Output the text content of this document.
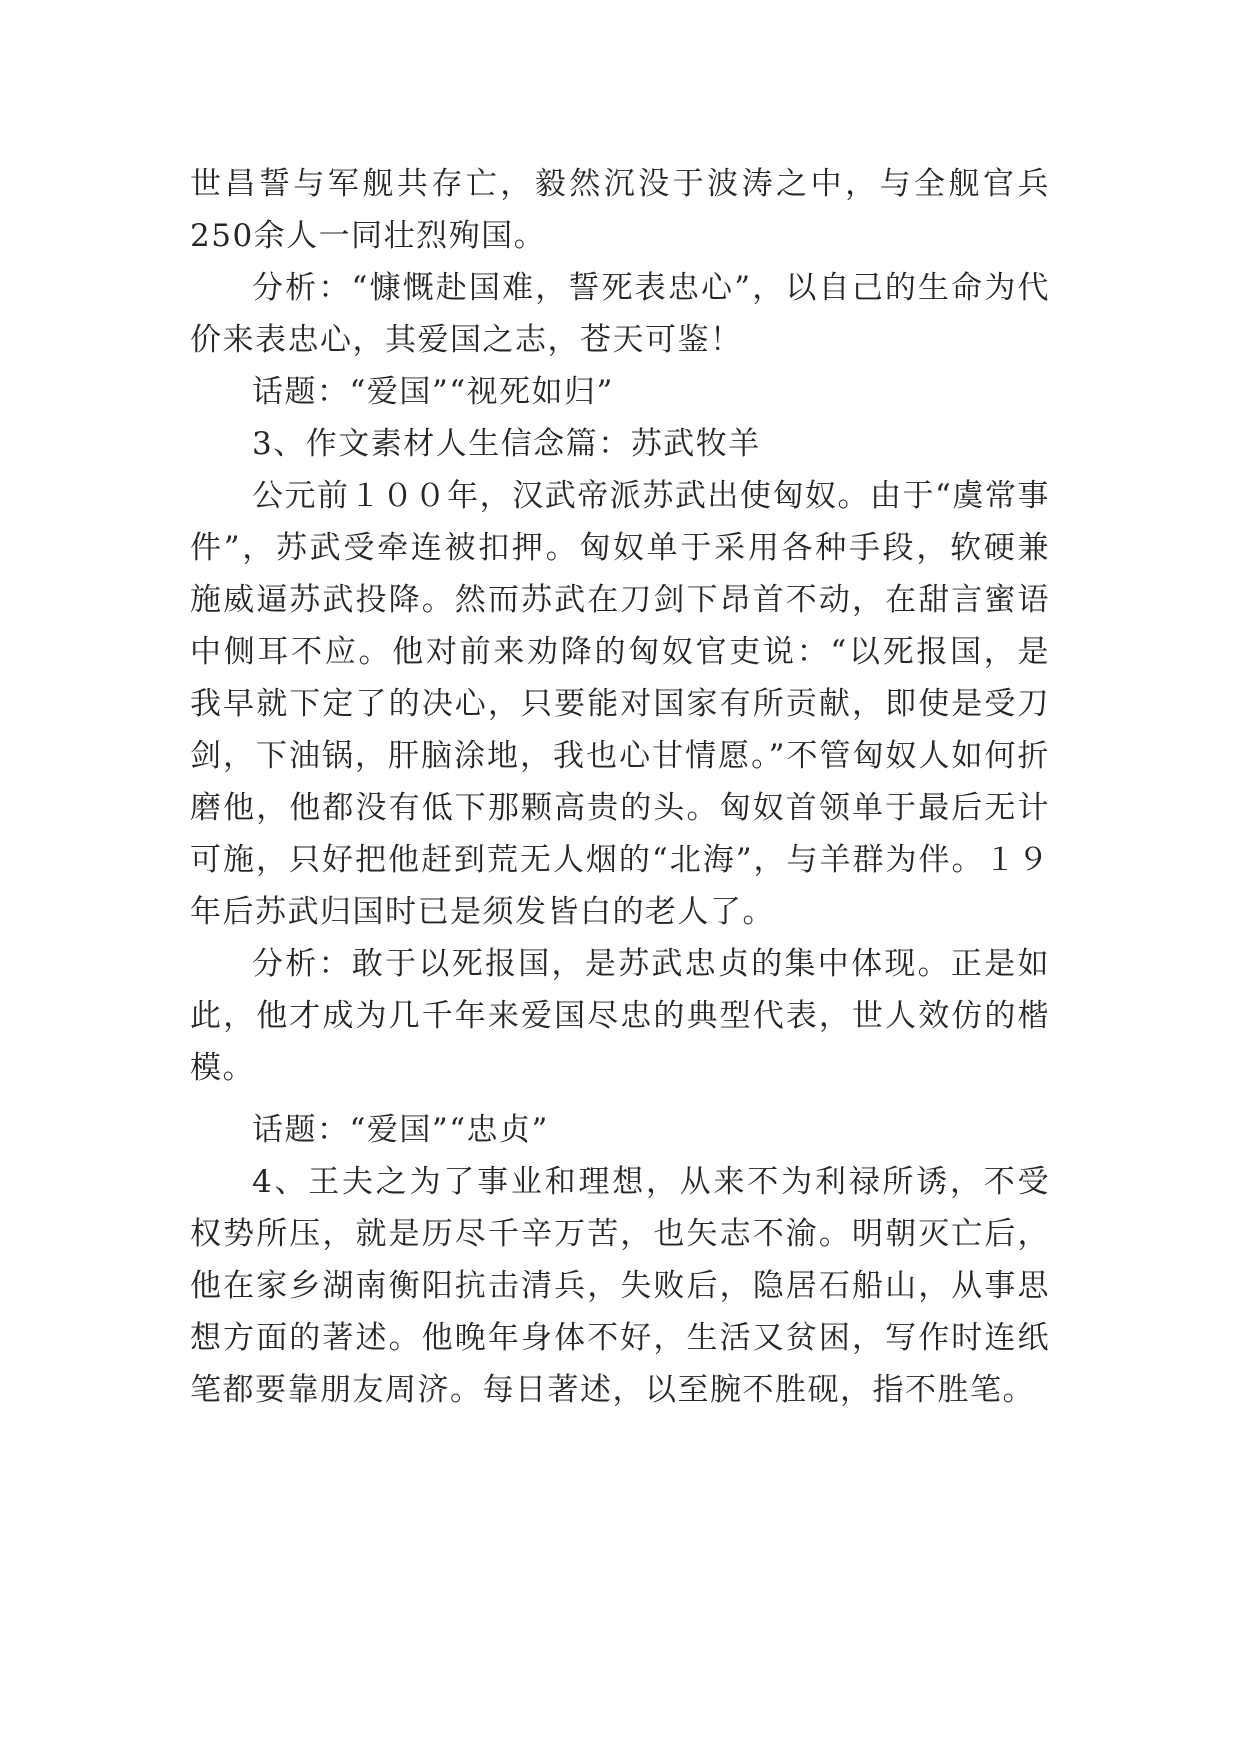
世昌誓与军舰共存亡，毅然沉没于波涛之中，与全舰官兵250余人一同壮烈殉国。

分析：“慷慨赴国难，誓死表忠心”，以自己的生命为代价来表忠心，其爱国之志，苍天可鉴！

话题：“爱国”“视死如归”

3、作文素材人生信念篇：苏武牧羊

公元前１００年，汉武帝派苏武出使匈奴。由于“虞常事件”，苏武受牵连被扣押。匈奴单于采用各种手段，软硬兼施威逼苏武投降。然而苏武在刀剑下昂首不动，在甜言蜜语中侧耳不应。他对前来劝降的匈奴官吏说：“以死报国，是我早就下定了的决心，只要能对国家有所贡献，即使是受刀剑，下油锅，肝脑涂地，我也心甘情愿。”不管匈奴人如何折磨他，他都没有低下那颗高贵的头。匈奴首领单于最后无计可施，只好把他赶到荒无人烟的“北海”，与羊群为伴。１９年后苏武归国时已是须发皆白的老人了。

分析：敢于以死报国，是苏武忠贞的集中体现。正是如此，他才成为几千年来爱国尽忠的典型代表，世人效仿的楷模。

话题：“爱国”“忠贞”

4、王夫之为了事业和理想，从来不为利禄所诱，不受权势所压，就是历尽千辛万苦，也矢志不渝。明朝灭亡后，他在家乡湖南衡阳抗击清兵，失败后，隐居石船山，从事思想方面的著述。他晚年身体不好，生活又贫困，写作时连纸笔都要靠朋友周济。每日著述，以至腕不胜砚，指不胜笔。
